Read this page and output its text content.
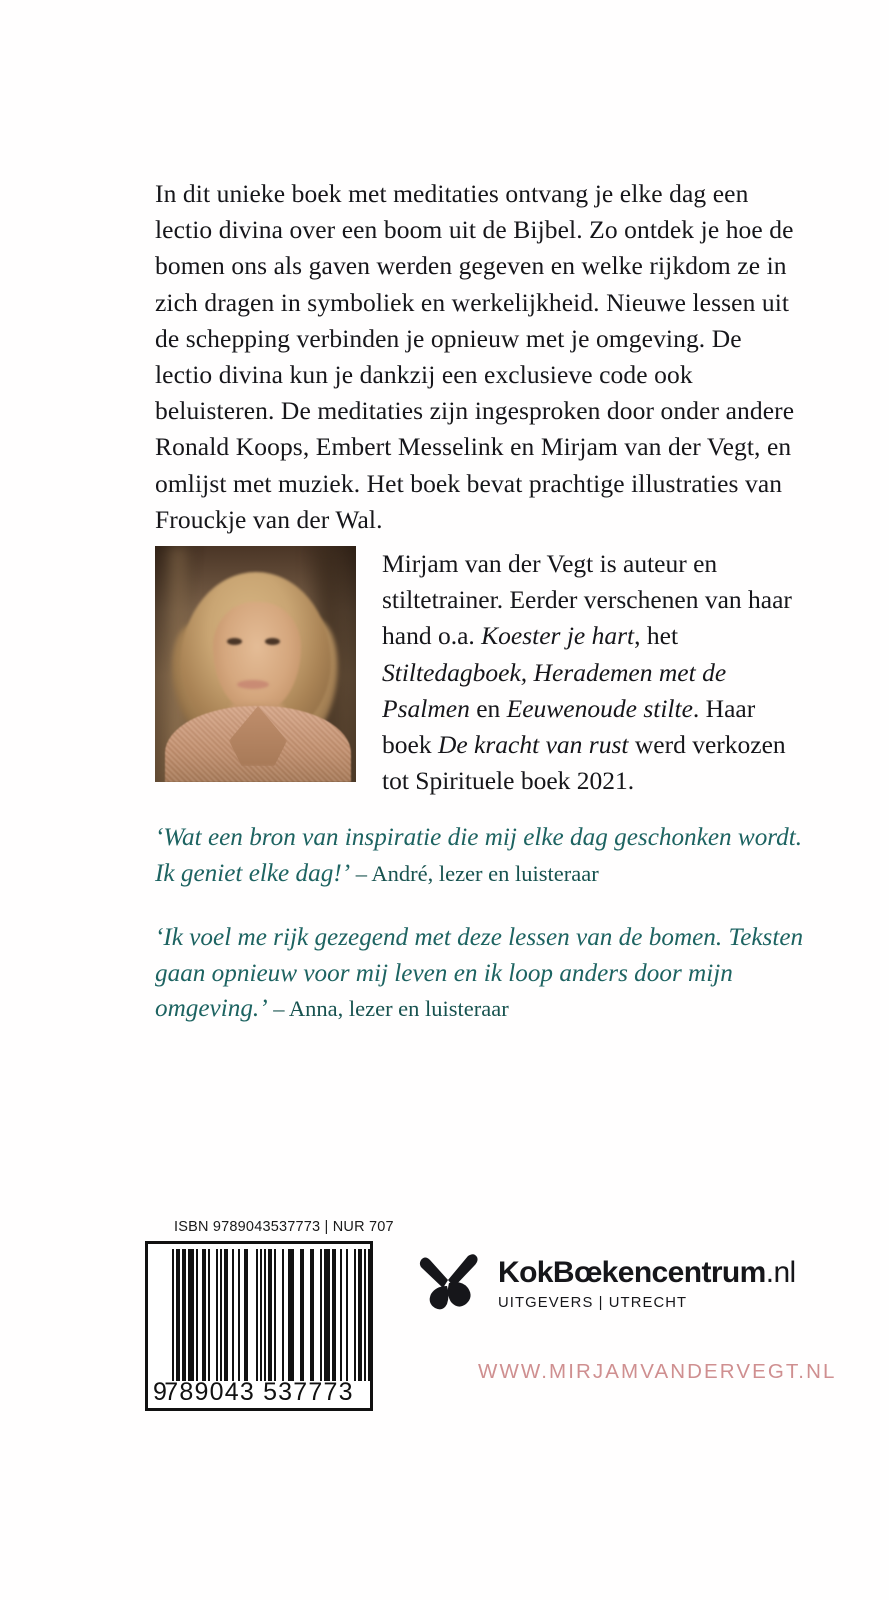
In dit unieke boek met meditaties ontvang je elke dag een lectio divina over een boom uit de Bijbel. Zo ontdek je hoe de bomen ons als gaven werden gegeven en welke rijkdom ze in zich dragen in symboliek en werkelijkheid. Nieuwe lessen uit de schepping verbinden je opnieuw met je omgeving. De lectio divina kun je dankzij een exclusieve code ook beluisteren. De meditaties zijn ingesproken door onder andere Ronald Koops, Embert Messelink en Mirjam van der Vegt, en omlijst met muziek. Het boek bevat prachtige illustraties van Frouckje van der Wal.
Mirjam van der Vegt is auteur en stiltetrainer. Eerder verschenen van haar hand o.a. Koester je hart, het Stiltedagboek, Herademen met de Psalmen en Eeuwenoude stilte. Haar boek De kracht van rust werd verkozen tot Spirituele boek 2021.
‘Wat een bron van inspiratie die mij elke dag geschonken wordt. Ik geniet elke dag!’ – André, lezer en luisteraar
‘Ik voel me rijk gezegend met deze lessen van de bomen. Teksten gaan opnieuw voor mij leven en ik loop anders door mijn omgeving.’ – Anna, lezer en luisteraar
ISBN 9789043537773 | NUR 707
9
789043 537773
KokBœkencentrum.nl
UITGEVERS | UTRECHT
WWW.MIRJAMVANDERVEGT.NL
